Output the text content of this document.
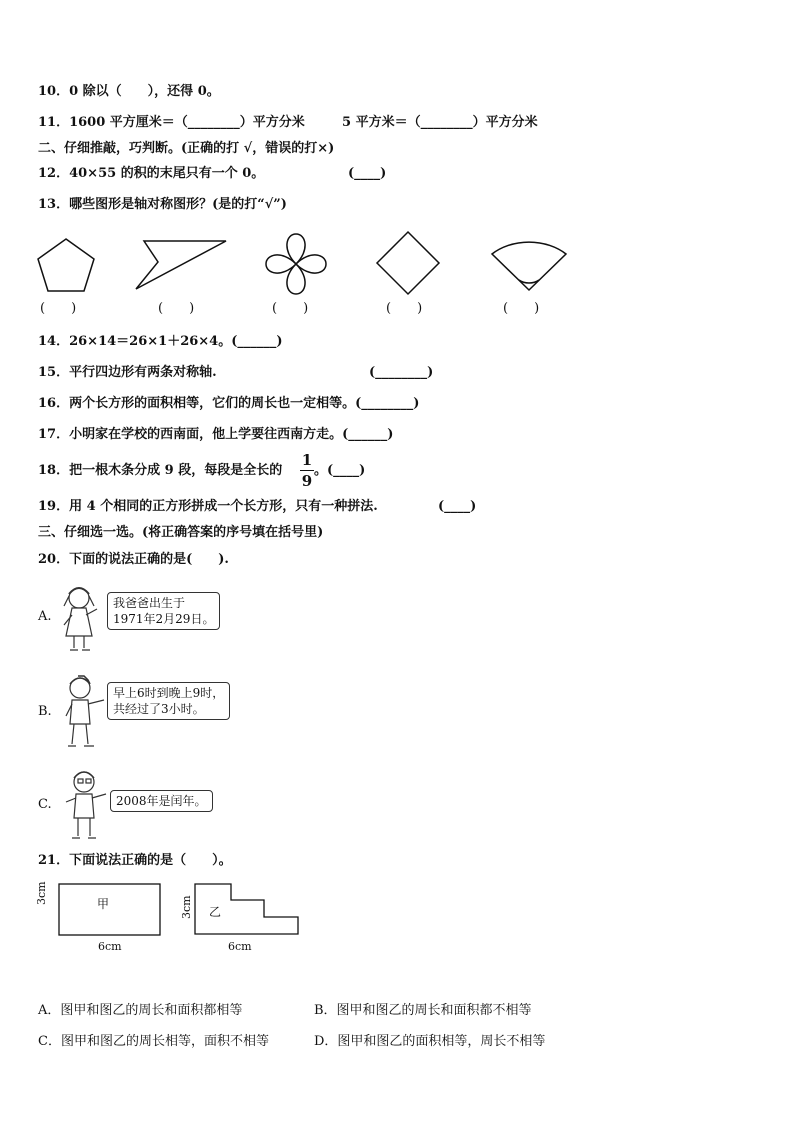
10．0 除以（　　），还得 0。
11．1600 平方厘米＝（________）平方分米	5 平方米＝（________）平方分米
二、仔细推敲，巧判断。(正确的打 √，错误的打×)
12．40×55 的积的末尾只有一个 0。	(____)
13．哪些图形是轴对称图形？(是的打“√”)
(　　)	(　　)	(　　)	(　　)	(　　)
14．26×14＝26×1＋26×4。(______)
15．平行四边形有两条对称轴.	(________)
16．两个长方形的面积相等，它们的周长也一定相等。(________)
17．小明家在学校的西南面，他上学要往西南方走。(______)
18．把一根木条分成 9 段，每段是全长的
1
9
。(____)
19．用 4 个相同的正方形拼成一个长方形，只有一种拼法.	(____)
三、仔细选一选。(将正确答案的序号填在括号里)
20．下面的说法正确的是(　　).
A.
我爸爸出生于
1971年2月29日。
B.
早上6时到晚上9时，
共经过了3小时。
C.	2008年是闰年。
21．下面说法正确的是（　　）。
甲
3cm
6cm
乙
3cm
6cm
A．图甲和图乙的周长和面积都相等	B．图甲和图乙的周长和面积都不相等
C．图甲和图乙的周长相等，面积不相等	D．图甲和图乙的面积相等，周长不相等
